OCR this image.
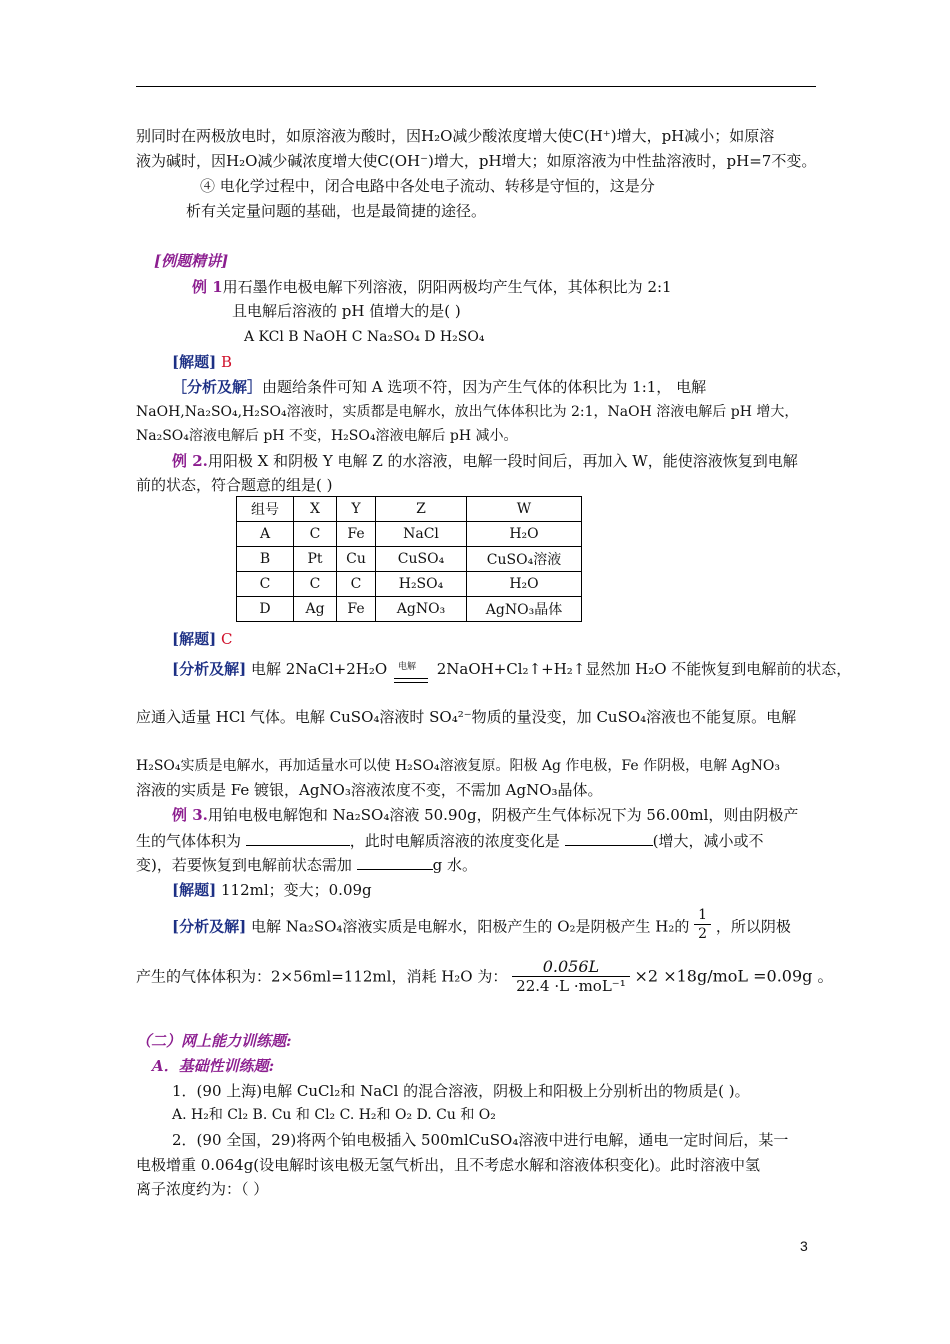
别同时在两极放电时，如原溶液为酸时，因H₂O减少酸浓度增大使C(H⁺)增大，pH减小；如原溶
液为碱时，因H₂O减少碱浓度增大使C(OH⁻)增大，pH增大；如原溶液为中性盐溶液时，pH=7不变。
④ 电化学过程中，闭合电路中各处电子流动、转移是守恒的，这是分
析有关定量问题的基础，也是最简捷的途径。
[例题精讲]
例 1用石墨作电极电解下列溶液，阴阳两极均产生气体，其体积比为 2:1
且电解后溶液的 pH 值增大的是( )
A KCl B NaOH C Na₂SO₄ D H₂SO₄
[解题] B
［分析及解］由题给条件可知 A 选项不符，因为产生气体的体积比为 1:1， 电解
NaOH,Na₂SO₄,H₂SO₄溶液时，实质都是电解水，放出气体体积比为 2:1，NaOH 溶液电解后 pH 增大，
Na₂SO₄溶液电解后 pH 不变，H₂SO₄溶液电解后 pH 减小。
例 2.用阳极 X 和阴极 Y 电解 Z 的水溶液，电解一段时间后，再加入 W，能使溶液恢复到电解
前的状态，符合题意的组是( )
组号	X	Y	Z	W
A	C	Fe	NaCl	H₂O
B	Pt	Cu	CuSO₄	CuSO₄溶液
C	C	C	H₂SO₄	H₂O
D	Ag	Fe	AgNO₃	AgNO₃晶体
[解题] C
[分析及解] 电解 2NaCl+2H₂O 电解 2NaOH+Cl₂↑+H₂↑显然加 H₂O 不能恢复到电解前的状态，
应通入适量 HCl 气体。电解 CuSO₄溶液时 SO₄²⁻物质的量没变，加 CuSO₄溶液也不能复原。电解
H₂SO₄实质是电解水，再加适量水可以使 H₂SO₄溶液复原。阳极 Ag 作电极，Fe 作阴极，电解 AgNO₃
溶液的实质是 Fe 镀银，AgNO₃溶液浓度不变，不需加 AgNO₃晶体。
例 3.用铂电极电解饱和 Na₂SO₄溶液 50.90g，阴极产生气体标况下为 56.00ml，则由阴极产
生的气体体积为	，此时电解质溶液的浓度变化是	(增大，减小或不
变)，若要恢复到电解前状态需加	g 水。
[解题] 112ml；变大；0.09g
[分析及解] 电解 Na₂SO₄溶液实质是电解水，阳极产生的 O₂是阴极产生 H₂的 $\frac{1}{2}$ ，所以阴极
产生的气体体积为：2×56ml=112ml，消耗 H₂O 为： $\frac{0.056L}{\text{22.4 ·L ·moL⁻¹}} \times 2 \times 18g/moL =0.09g$ 。
（二）网上能力训练题:
A．基础性训练题:
1．(90 上海)电解 CuCl₂和 NaCl 的混合溶液，阴极上和阳极上分别析出的物质是( )。
A. H₂和 Cl₂ B. Cu 和 Cl₂ C. H₂和 O₂ D. Cu 和 O₂
2．(90 全国，29)将两个铂电极插入 500mlCuSO₄溶液中进行电解，通电一定时间后，某一
电极增重 0.064g(设电解时该电极无氢气析出，且不考虑水解和溶液体积变化)。此时溶液中氢
离子浓度约为：（ ）
3
